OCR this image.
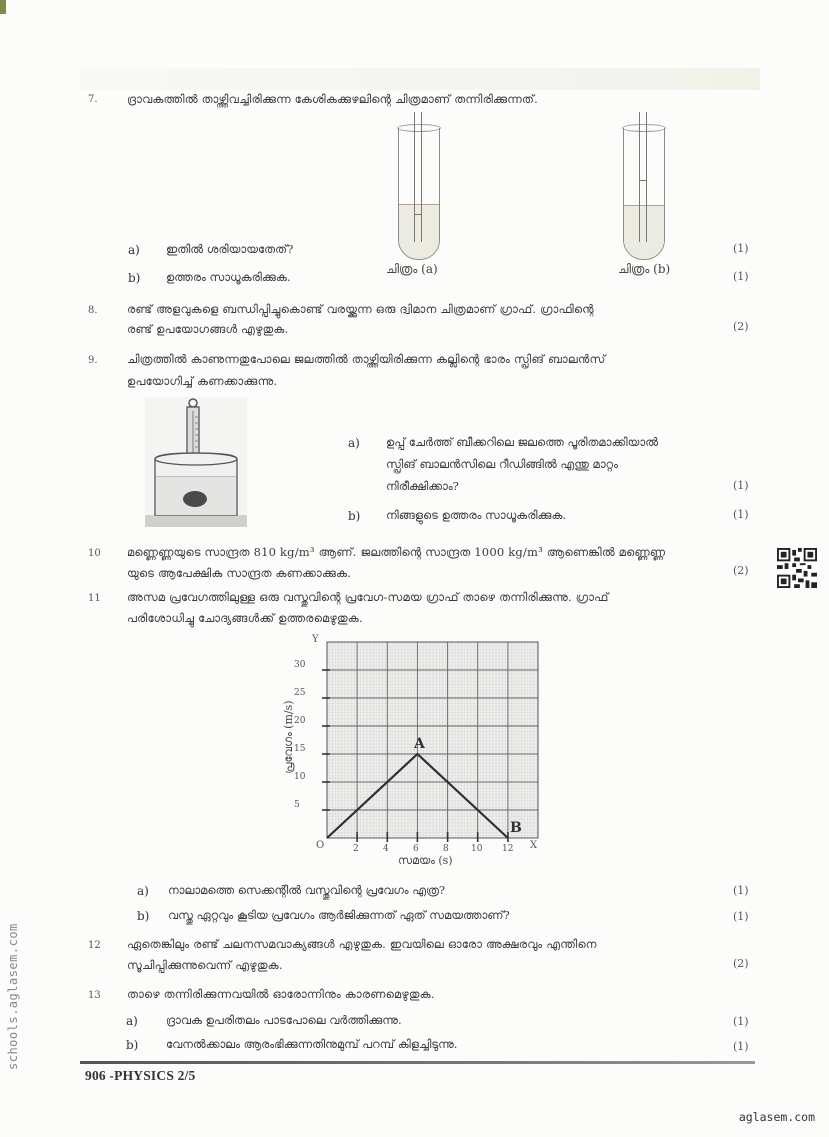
7.	ദ്രാവകത്തിൽ താഴ്ത്തിവച്ചിരിക്കുന്ന കേശികക്കുഴലിന്റെ ചിത്രമാണ് തന്നിരിക്കുന്നത്.
ചിത്രം (a)	ചിത്രം (b)
a) ഇതിൽ ശരിയായതേത്?	(1)
b) ഉത്തരം സാധൂകരിക്കുക.	(1)
8.	രണ്ട് അളവുകളെ ബന്ധിപ്പിച്ചുകൊണ്ട് വരയ്ക്കുന്ന ഒരു ദ്വിമാന ചിത്രമാണ് ഗ്രാഫ്. ഗ്രാഫിന്റെ
രണ്ട് ഉപയോഗങ്ങൾ എഴുതുക.	(2)
9.	ചിത്രത്തിൽ കാണുന്നതുപോലെ ജലത്തിൽ താഴ്ത്തിയിരിക്കുന്ന കല്ലിന്റെ ഭാരം സ്പ്രിങ് ബാലൻസ്
ഉപയോഗിച്ച് കണക്കാക്കുന്നു.
a) ഉപ്പ് ചേർത്ത് ബീക്കറിലെ ജലത്തെ പൂരിതമാക്കിയാൽ
സ്പ്രിങ് ബാലൻസിലെ റീഡിങ്ങിൽ എന്തു മാറ്റം
നിരീക്ഷിക്കാം?	(1)
b) നിങ്ങളുടെ ഉത്തരം സാധൂകരിക്കുക.	(1)
10 മണ്ണെണ്ണയുടെ സാന്ദ്രത 810 kg/m³ ആണ്. ജലത്തിന്റെ സാന്ദ്രത 1000 kg/m³ ആണെങ്കിൽ മണ്ണെണ്ണ
യുടെ ആപേക്ഷിക സാന്ദ്രത കണക്കാക്കുക.	(2)
11 അസമ പ്രവേഗത്തിലുള്ള ഒരു വസ്തുവിന്റെ പ്രവേഗ-സമയ ഗ്രാഫ് താഴെ തന്നിരിക്കുന്നു. ഗ്രാഫ്
പരിശോധിച്ചു ചോദ്യങ്ങൾക്ക് ഉത്തരമെഴുതുക.
Y
5
10
15
20
25
30
O	2	4	6	8 10 12 X
A
B
സമയം (s)
പ്രവേഗം (m/s)
a) നാലാമത്തെ സെക്കന്റിൽ വസ്തുവിന്റെ പ്രവേഗം എത്ര?	(1)
b) വസ്തു ഏറ്റവും കൂടിയ പ്രവേഗം ആർജിക്കുന്നത് ഏത് സമയത്താണ്?	(1)
12 ഏതെങ്കിലും രണ്ട് ചലനസമവാക്യങ്ങൾ എഴുതുക. ഇവയിലെ ഓരോ അക്ഷരവും എന്തിനെ
സൂചിപ്പിക്കുന്നുവെന്ന് എഴുതുക.	(2)
13 താഴെ തന്നിരിക്കുന്നവയിൽ ഓരോന്നിനും കാരണമെഴുതുക.
a) ദ്രാവക ഉപരിതലം പാടപോലെ വർത്തിക്കുന്നു.	(1)
b) വേനൽക്കാലം ആരംഭിക്കുന്നതിനുമുമ്പ് പറമ്പ് കിളച്ചിടുന്നു.	(1)
906 -PHYSICS 2/5
schools.aglasem.com
aglasem.com
